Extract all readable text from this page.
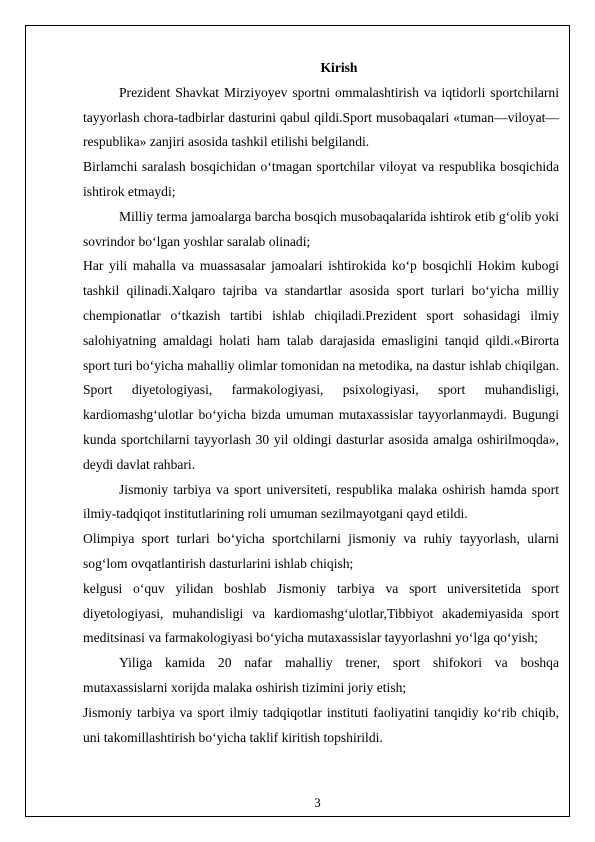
Kirish

Prezident Shavkat Mirziyoyev sportni ommalashtirish va iqtidorli sportchilarni tayyorlash chora-tadbirlar dasturini qabul qildi.Sport musobaqalari «tuman—viloyat—respublika» zanjiri asosida tashkil etilishi belgilandi.

Birlamchi saralash bosqichidan o‘tmagan sportchilar viloyat va respublika bosqichida ishtirok etmaydi;

Milliy terma jamoalarga barcha bosqich musobaqalarida ishtirok etib g‘olib yoki sovrindor bo‘lgan yoshlar saralab olinadi;

Har yili mahalla va muassasalar jamoalari ishtirokida ko‘p bosqichli Hokim kubogi tashkil qilinadi.Xalqaro tajriba va standartlar asosida sport turlari bo‘yicha milliy chempionatlar o‘tkazish tartibi ishlab chiqiladi.Prezident sport sohasidagi ilmiy salohiyatning amaldagi holati ham talab darajasida emasligini tanqid qildi.«Birorta sport turi bo‘yicha mahalliy olimlar tomonidan na metodika, na dastur ishlab chiqilgan. Sport diyetologiyasi, farmakologiyasi, psixologiyasi, sport muhandisligi, kardiomashg‘ulotlar bo‘yicha bizda umuman mutaxassislar tayyorlanmaydi. Bugungi kunda sportchilarni tayyorlash 30 yil oldingi dasturlar asosida amalga oshirilmoqda», deydi davlat rahbari.

Jismoniy tarbiya va sport universiteti, respublika malaka oshirish hamda sport ilmiy-tadqiqot institutlarining roli umuman sezilmayotgani qayd etildi.

Olimpiya sport turlari bo‘yicha sportchilarni jismoniy va ruhiy tayyorlash, ularni sog‘lom ovqatlantirish dasturlarini ishlab chiqish;

kelgusi o‘quv yilidan boshlab Jismoniy tarbiya va sport universitetida sport diyetologiyasi, muhandisligi va kardiomashg‘ulotlar,Tibbiyot akademiyasida sport meditsinasi va farmakologiyasi bo‘yicha mutaxassislar tayyorlashni yo‘lga qo‘yish;

Yiliga kamida 20 nafar mahalliy trener, sport shifokori va boshqa mutaxassislarni xorijda malaka oshirish tizimini joriy etish;

Jismoniy tarbiya va sport ilmiy tadqiqotlar instituti faoliyatini tanqidiy ko‘rib chiqib, uni takomillashtirish bo‘yicha taklif kiritish topshirildi.

3
